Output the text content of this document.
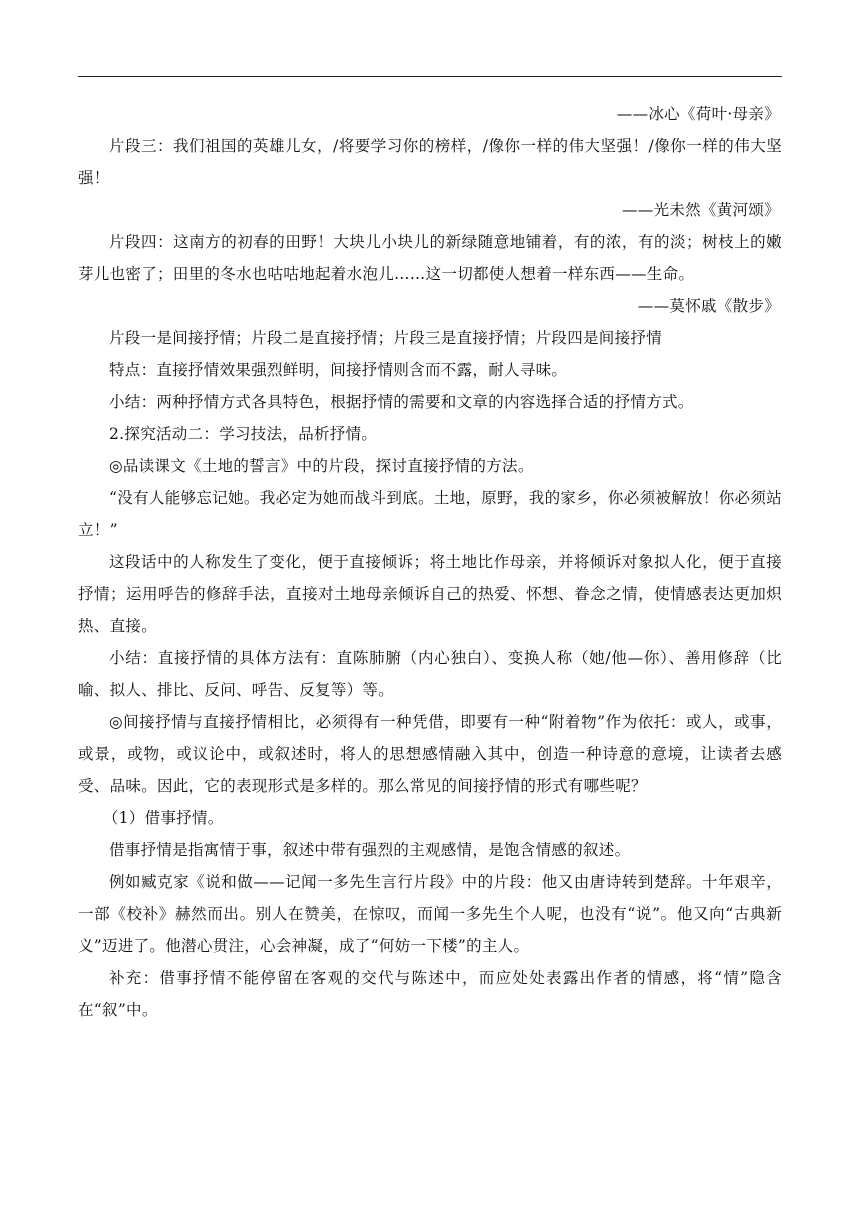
——冰心《荷叶·母亲》

片段三：我们祖国的英雄儿女，/将要学习你的榜样，/像你一样的伟大坚强！/像你一样的伟大坚强！

——光未然《黄河颂》

片段四：这南方的初春的田野！大块儿小块儿的新绿随意地铺着，有的浓，有的淡；树枝上的嫩芽儿也密了；田里的冬水也咕咕地起着水泡儿……这一切都使人想着一样东西——生命。

——莫怀戚《散步》

片段一是间接抒情；片段二是直接抒情；片段三是直接抒情；片段四是间接抒情

特点：直接抒情效果强烈鲜明，间接抒情则含而不露，耐人寻味。

小结：两种抒情方式各具特色，根据抒情的需要和文章的内容选择合适的抒情方式。

2.探究活动二：学习技法，品析抒情。

◎品读课文《土地的誓言》中的片段，探讨直接抒情的方法。

“没有人能够忘记她。我必定为她而战斗到底。土地，原野，我的家乡，你必须被解放！你必须站立！”

这段话中的人称发生了变化，便于直接倾诉；将土地比作母亲，并将倾诉对象拟人化，便于直接抒情；运用呼告的修辞手法，直接对土地母亲倾诉自己的热爱、怀想、眷念之情，使情感表达更加炽热、直接。

小结：直接抒情的具体方法有：直陈肺腑（内心独白）、变换人称（她/他—你）、善用修辞（比喻、拟人、排比、反问、呼告、反复等）等。

◎间接抒情与直接抒情相比，必须得有一种凭借，即要有一种“附着物”作为依托：或人，或事，或景，或物，或议论中，或叙述时，将人的思想感情融入其中，创造一种诗意的意境，让读者去感受、品味。因此，它的表现形式是多样的。那么常见的间接抒情的形式有哪些呢？

（1）借事抒情。

借事抒情是指寓情于事，叙述中带有强烈的主观感情，是饱含情感的叙述。

例如臧克家《说和做——记闻一多先生言行片段》中的片段：他又由唐诗转到楚辞。十年艰辛，一部《校补》赫然而出。别人在赞美，在惊叹，而闻一多先生个人呢，也没有“说”。他又向“古典新义”迈进了。他潜心贯注，心会神凝，成了“何妨一下楼”的主人。

补充：借事抒情不能停留在客观的交代与陈述中，而应处处表露出作者的情感，将“情”隐含在“叙”中。
